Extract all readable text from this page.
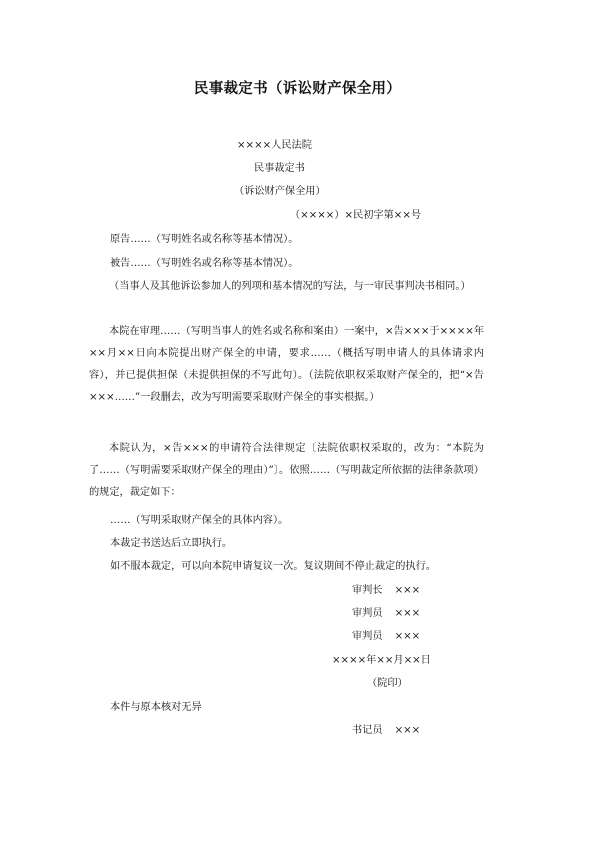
民事裁定书（诉讼财产保全用）
××××人民法院
民事裁定书
（诉讼财产保全用）
（××××）×民初字第××号
原告……（写明姓名或名称等基本情况）。
被告……（写明姓名或名称等基本情况）。
（当事人及其他诉讼参加人的列项和基本情况的写法，与一审民事判决书相同。）
本院在审理……（写明当事人的姓名或名称和案由）一案中，×告×××于××××年××月××日向本院提出财产保全的申请，要求……（概括写明申请人的具体请求内容），并已提供担保（未提供担保的不写此句）。（法院依职权采取财产保全的，把“×告×××……”一段删去，改为写明需要采取财产保全的事实根据。）
本院认为，×告×××的申请符合法律规定〔法院依职权采取的，改为：“本院为了……（写明需要采取财产保全的理由）”〕。依照……（写明裁定所依据的法律条款项）的规定，裁定如下：
……（写明采取财产保全的具体内容）。
本裁定书送达后立即执行。
如不服本裁定，可以向本院申请复议一次。复议期间不停止裁定的执行。
审判长 ×××
审判员 ×××
审判员 ×××
××××年××月××日
（院印）
本件与原本核对无异
书记员 ×××
